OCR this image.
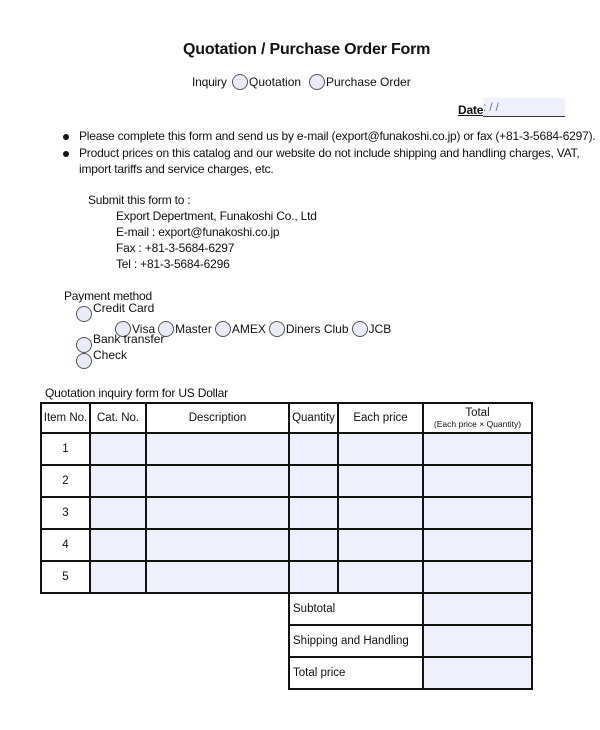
Quotation / Purchase Order Form
Inquiry Quotation Purchase Order
Date : / /
Please complete this form and send us by e-mail (export@funakoshi.co.jp) or fax (+81-3-5684-6297).
Product prices on this catalog and our website do not include shipping and handling charges, VAT,
import tariffs and service charges, etc.
Submit this form to :
Export Depertment, Funakoshi Co., Ltd
E-mail : export@funakoshi.co.jp
Fax : +81-3-5684-6297
Tel : +81-3-5684-6296
Payment method
Credit Card
Visa Master AMEX Diners Club JCB
Bank transfer
Check
Quotation inquiry form for US Dollar
Item No.	Cat. No.	Description	Quantity	Each price	Total
(Each price × Quantity)

1					
2					
3					
4					
5					
			Subtotal		
			Shipping and Handling		
			Total price		
